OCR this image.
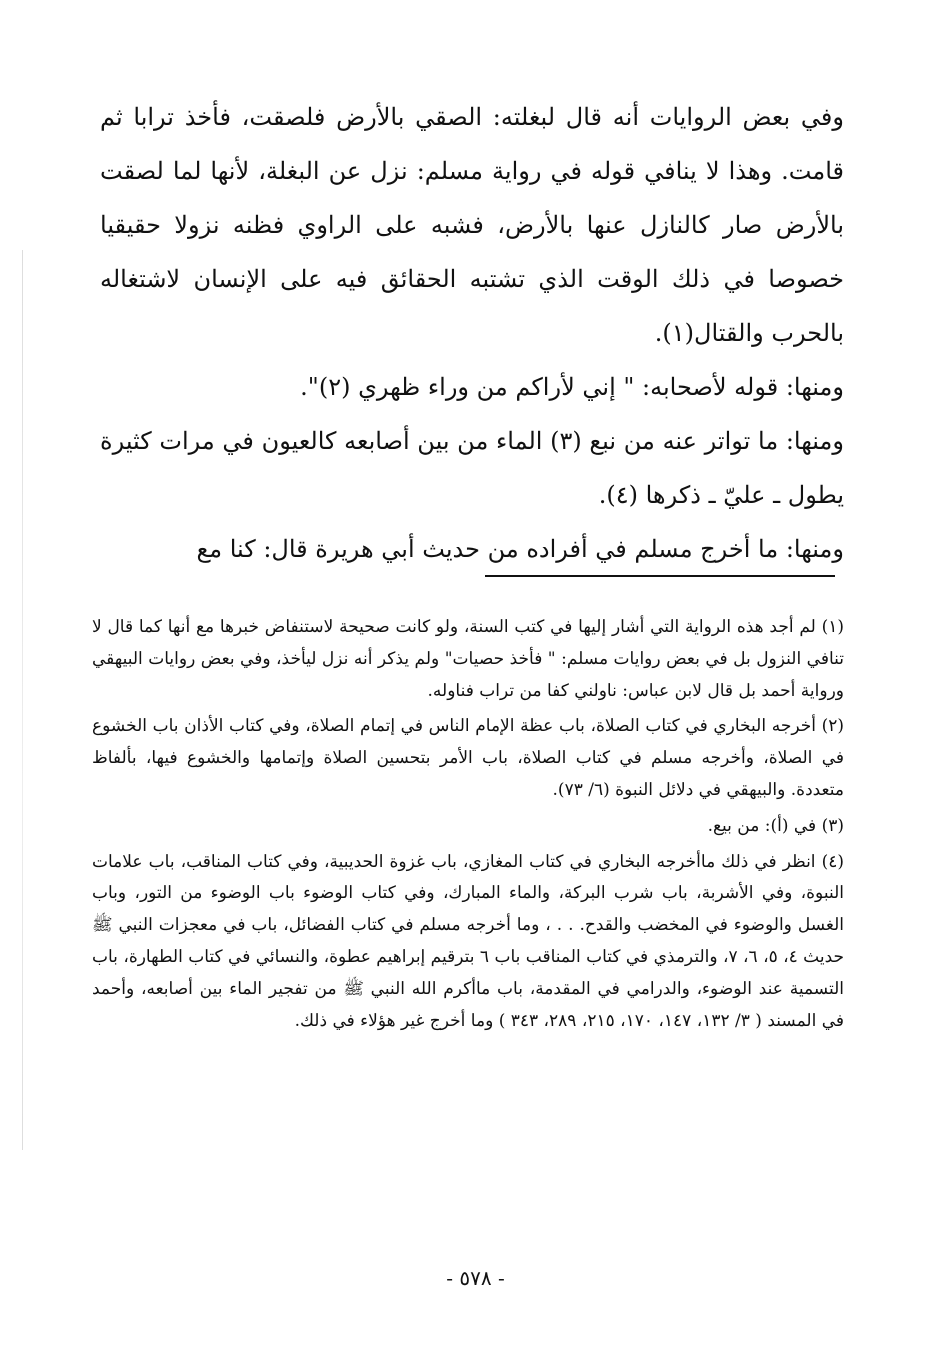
وفي بعض الروايات أنه قال لبغلته: الصقي بالأرض فلصقت، فأخذ ترابا ثم قامت. وهذا لا ينافي قوله في رواية مسلم: نزل عن البغلة، لأنها لما لصقت بالأرض صار كالنازل عنها بالأرض، فشبه على الراوي فظنه نزولا حقيقيا خصوصا في ذلك الوقت الذي تشتبه الحقائق فيه على الإنسان لاشتغاله بالحرب والقتال(١).

ومنها: قوله لأصحابه: " إني لأراكم من وراء ظهري (٢)".

ومنها: ما تواتر عنه من نبع (٣) الماء من بين أصابعه كالعيون في مرات كثيرة يطول ـ عليّ ـ ذكرها (٤).

ومنها: ما أخرج مسلم في أفراده من حديث أبي هريرة قال: كنا مع

(١) لم أجد هذه الرواية التي أشار إليها في كتب السنة، ولو كانت صحيحة لاستنفاض خبرها مع أنها كما قال لا تنافي النزول بل في بعض روايات مسلم: " فأخذ حصيات" ولم يذكر أنه نزل ليأخذ، وفي بعض روايات البيهقي ورواية أحمد بل قال لابن عباس: ناولني كفا من تراب فناوله.

(٢) أخرجه البخاري في كتاب الصلاة، باب عظة الإمام الناس في إتمام الصلاة، وفي كتاب الأذان باب الخشوع في الصلاة، وأخرجه مسلم في كتاب الصلاة، باب الأمر بتحسين الصلاة وإتمامها والخشوع فيها، بألفاظ متعددة. والبيهقي في دلائل النبوة (٦/ ٧٣).

(٣) في (أ): من بيع.

(٤) انظر في ذلك ماأخرجه البخاري في كتاب المغازي، باب غزوة الحديبية، وفي كتاب المناقب، باب علامات النبوة، وفي الأشربة، باب شرب البركة، والماء المبارك، وفي كتاب الوضوء باب الوضوء من التور، وباب الغسل والوضوء في المخضب والقدح. . . ، وما أخرجه مسلم في كتاب الفضائل، باب في معجزات النبي ﷺ حديث ٤، ٥، ٦، ٧، والترمذي في كتاب المناقب باب ٦ بترقيم إبراهيم عطوة، والنسائي في كتاب الطهارة، باب التسمية عند الوضوء، والدرامي في المقدمة، باب ماأكرم الله النبي ﷺ من تفجير الماء بين أصابعه، وأحمد في المسند ( ٣/ ١٣٢، ١٤٧، ١٧٠، ٢١٥، ٢٨٩، ٣٤٣ ) وما أخرج غير هؤلاء في ذلك.

- ٥٧٨ -
